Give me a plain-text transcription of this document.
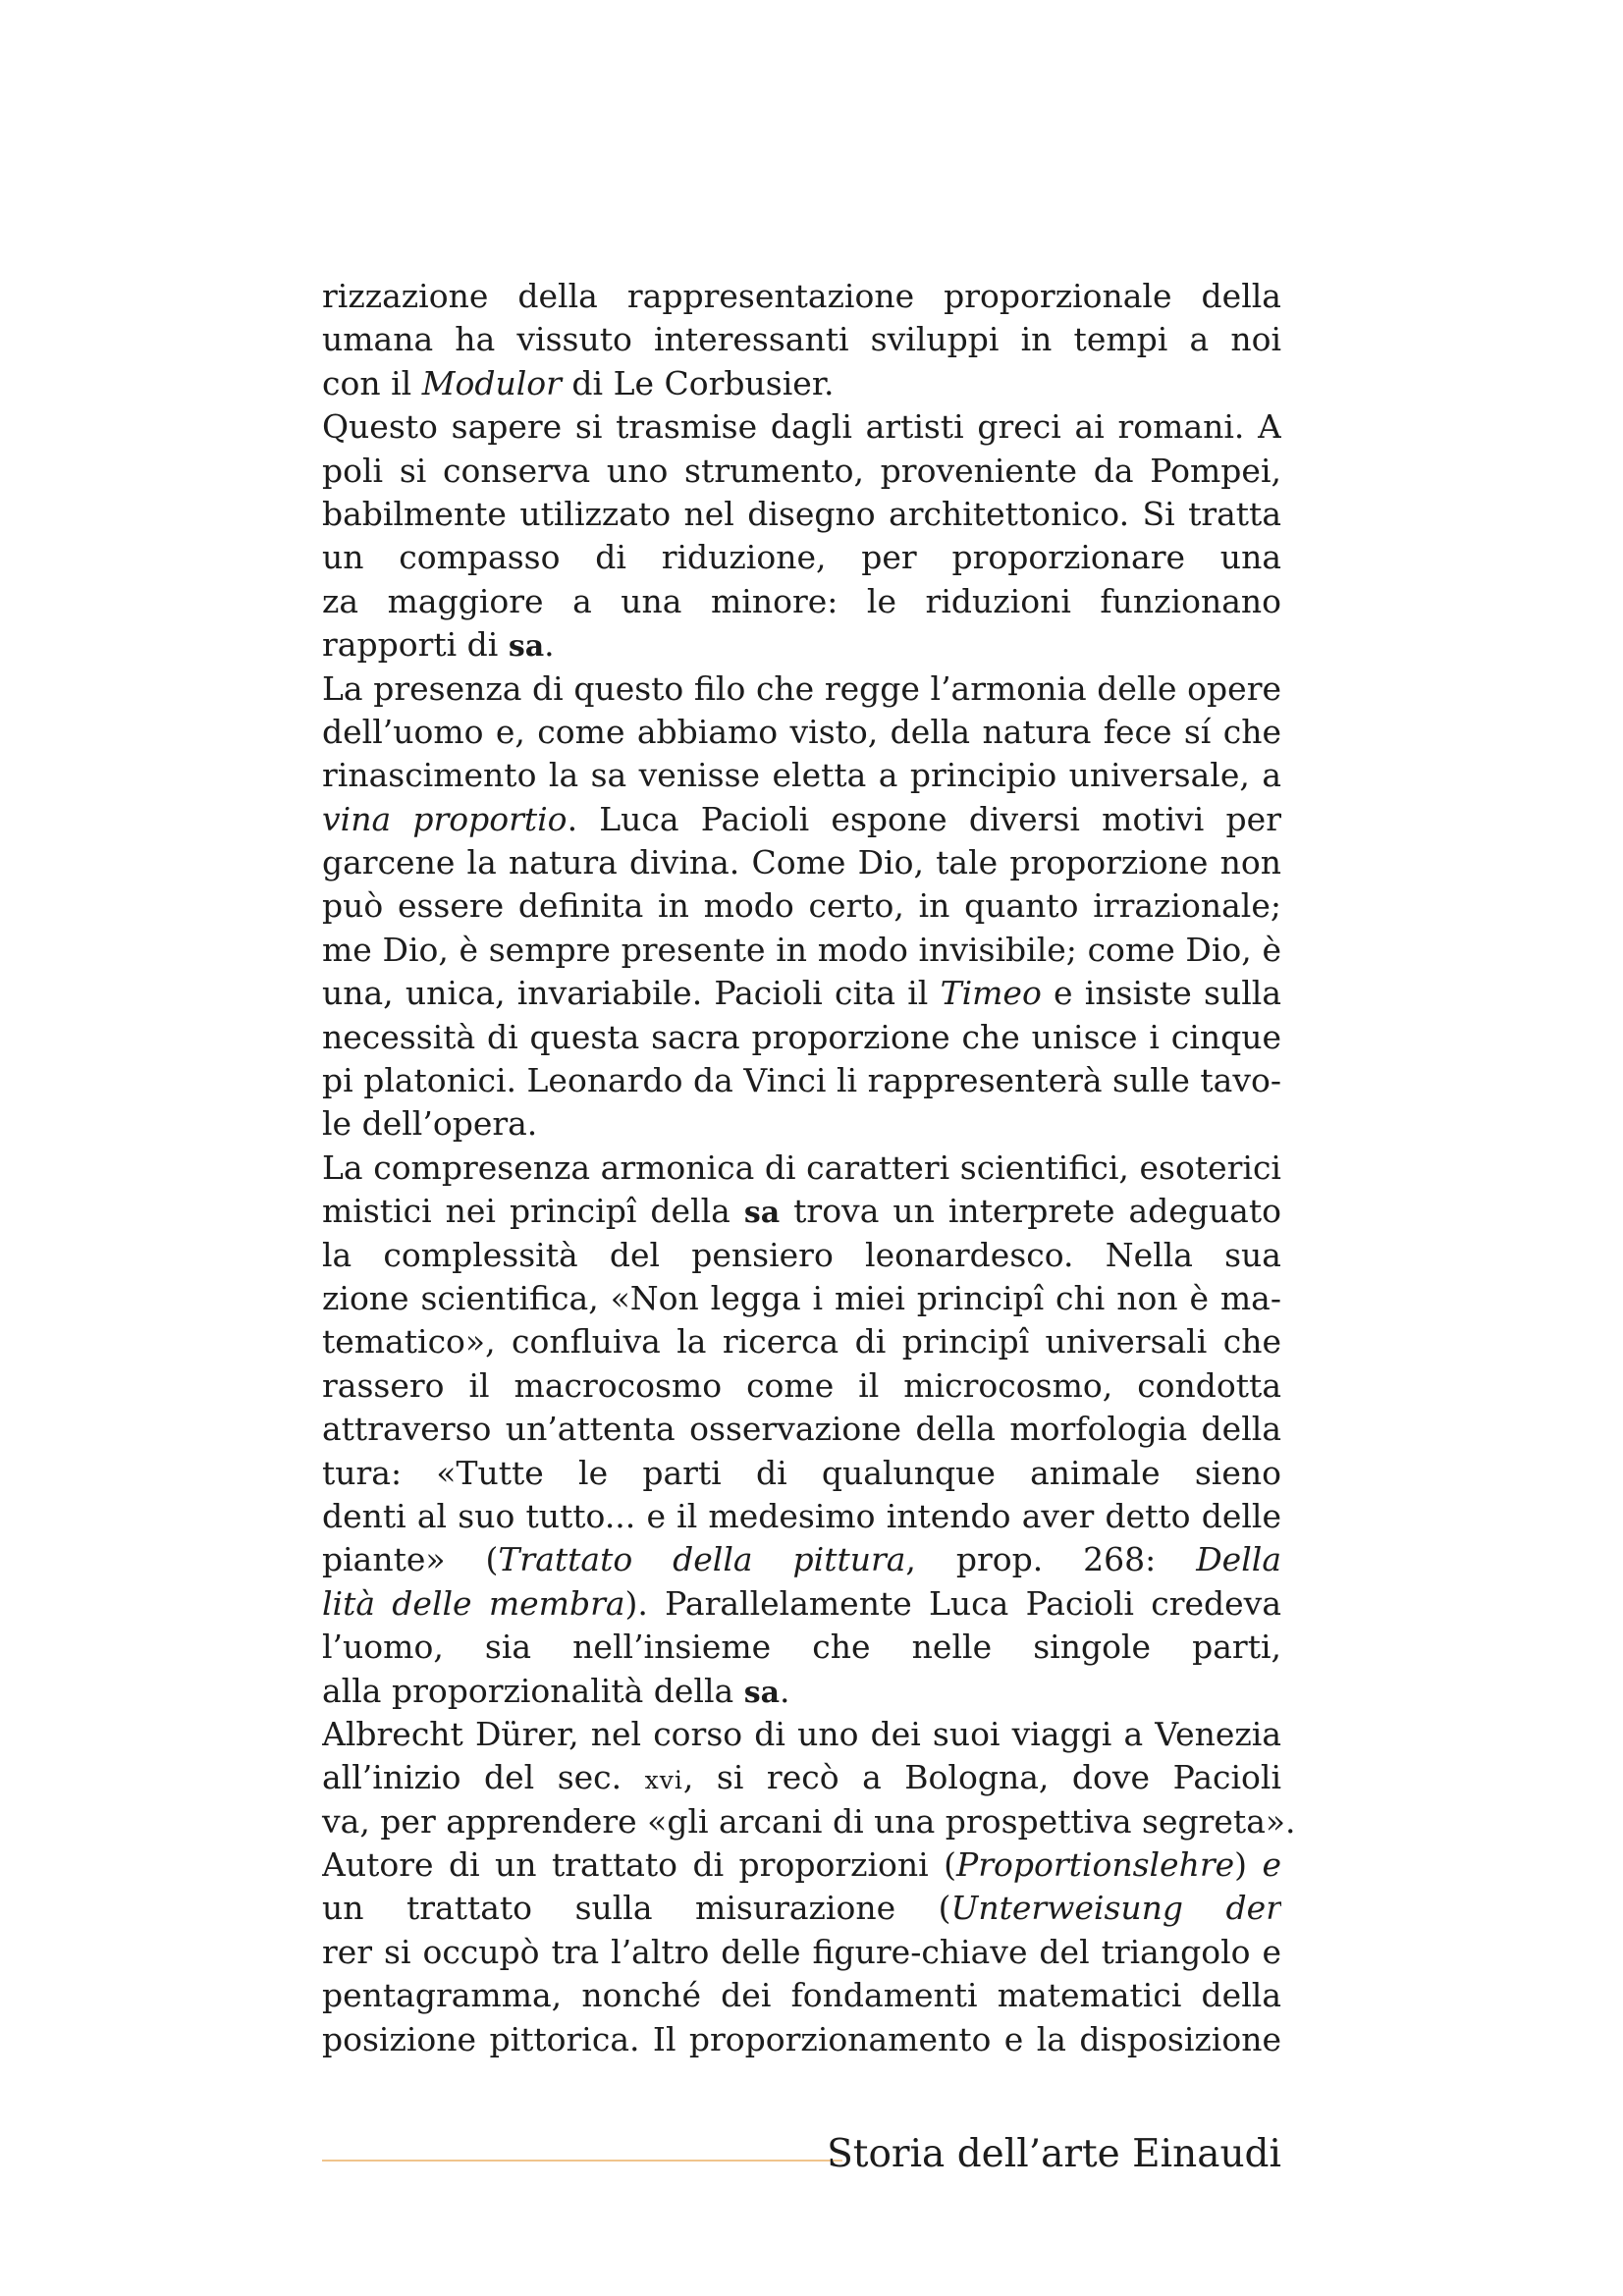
rizzazione della rappresentazione proporzionale della
umana ha vissuto interessanti sviluppi in tempi a noi
con il Modulor di Le Corbusier.
Questo sapere si trasmise dagli artisti greci ai romani. A
poli si conserva uno strumento, proveniente da Pompei,
babilmente utilizzato nel disegno architettonico. Si tratta
un compasso di riduzione, per proporzionare una
za maggiore a una minore: le riduzioni funzionano
rapporti di sa.
La presenza di questo filo che regge l’armonia delle opere
dell’uomo e, come abbiamo visto, della natura fece sí che
rinascimento la sa venisse eletta a principio universale, a
vina proportio. Luca Pacioli espone diversi motivi per
garcene la natura divina. Come Dio, tale proporzione non
può essere definita in modo certo, in quanto irrazionale;
me Dio, è sempre presente in modo invisibile; come Dio, è
una, unica, invariabile. Pacioli cita il Timeo e insiste sulla
necessità di questa sacra proporzione che unisce i cinque
pi platonici. Leonardo da Vinci li rappresenterà sulle tavo-
le dell’opera.
La compresenza armonica di caratteri scientifici, esoterici
mistici nei principî della sa trova un interprete adeguato
la complessità del pensiero leonardesco. Nella sua
zione scientifica, «Non legga i miei principî chi non è ma-
tematico», confluiva la ricerca di principî universali che
rassero il macrocosmo come il microcosmo, condotta
attraverso un’attenta osservazione della morfologia della
tura: «Tutte le parti di qualunque animale sieno
denti al suo tutto... e il medesimo intendo aver detto delle
piante» (Trattato della pittura, prop. 268: Della
lità delle membra). Parallelamente Luca Pacioli credeva
l’uomo, sia nell’insieme che nelle singole parti,
alla proporzionalità della sa.
Albrecht Dürer, nel corso di uno dei suoi viaggi a Venezia
all’inizio del sec. xvi, si recò a Bologna, dove Pacioli
va, per apprendere «gli arcani di una prospettiva segreta».
Autore di un trattato di proporzioni (Proportionslehre) e
un trattato sulla misurazione (Unterweisung der
rer si occupò tra l’altro delle figure-chiave del triangolo e
pentagramma, nonché dei fondamenti matematici della
posizione pittorica. Il proporzionamento e la disposizione
Storia dell’arte Einaudi
